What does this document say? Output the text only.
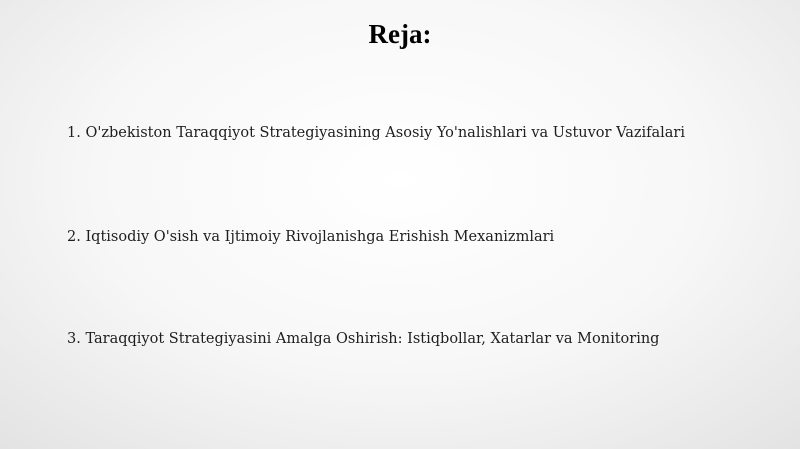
Reja:
1. O'zbekiston Taraqqiyot Strategiyasining Asosiy Yo'nalishlari va Ustuvor Vazifalari
2. Iqtisodiy O'sish va Ijtimoiy Rivojlanishga Erishish Mexanizmlari
3. Taraqqiyot Strategiyasini Amalga Oshirish: Istiqbollar, Xatarlar va Monitoring
